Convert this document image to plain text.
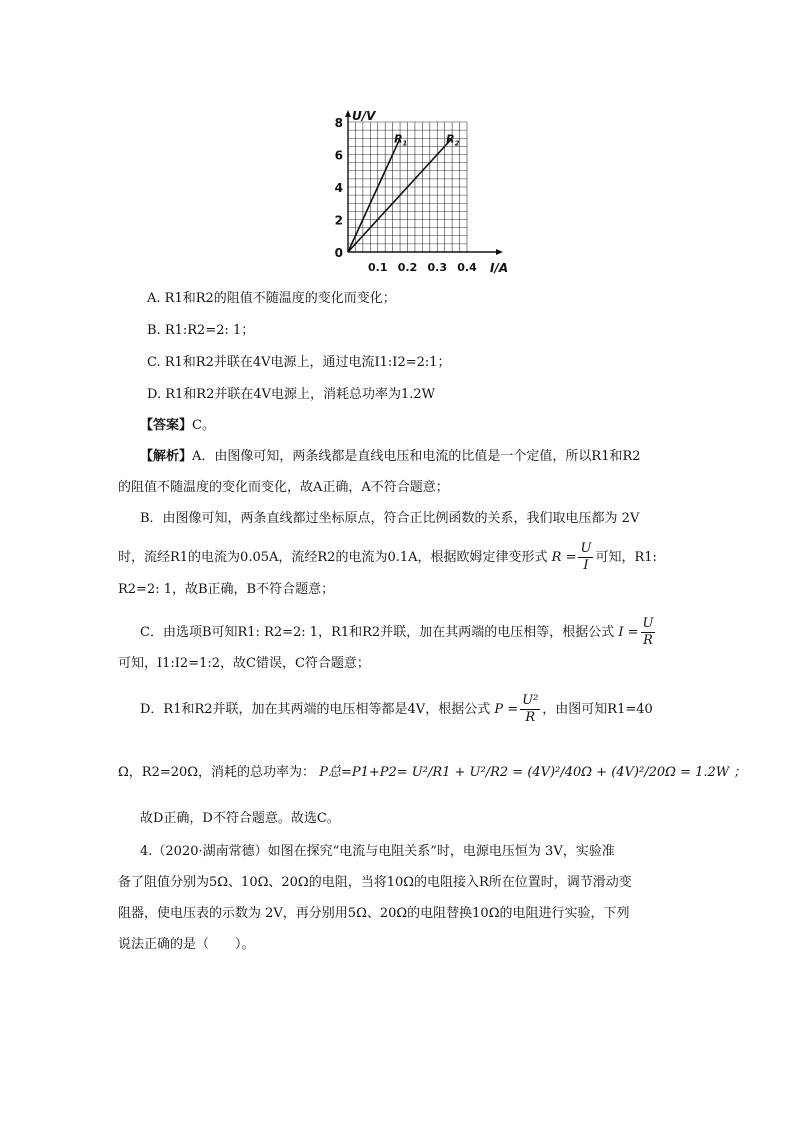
$R_1$	$R_2$
0
2
4
6
8
0.1 0.2 0.3 0.4
U/V
I/A
A. R1和R2的阻值不随温度的变化而变化；
B. R1:R2=2: 1；
C. R1和R2并联在4V电源上，通过电流I1:I2=2:1；
D. R1和R2并联在4V电源上，消耗总功率为1.2W
【答案】C。
【解析】A．由图像可知，两条线都是直线电压和电流的比值是一个定值，所以R1和R2
的阻值不随温度的变化而变化，故A正确，A不符合题意；
B．由图像可知，两条直线都过坐标原点，符合正比例函数的关系，我们取电压都为 2V
时，流经R1的电流为0.05A，流经R2的电流为0.1A，根据欧姆定律变形式 $R = \frac{U}{I}$ 可知，R1:
R2=2: 1，故B正确，B不符合题意；
C．由选项B可知R1: R2=2: 1，R1和R2并联，加在其两端的电压相等，根据公式 $I = \frac{U}{R}$
可知，I1:I2=1:2，故C错误，C符合题意；
D．R1和R2并联，加在其两端的电压相等都是4V，根据公式 $P = \frac{\text{U²}}{R}$ ，由图可知R1=40
Ω，R2=20Ω，消耗的总功率为： P总=P1+P2= U²/R1 + U²/R2 = (4V)²/40Ω + (4V)²/20Ω = 1.2W ；
故D正确，D不符合题意。故选C。
4.（2020·湖南常德）如图在探究“电流与电阻关系”时，电源电压恒为 3V，实验准
备了阻值分别为5Ω、10Ω、20Ω的电阻，当将10Ω的电阻接入R所在位置时，调节滑动变
阻器，使电压表的示数为 2V，再分别用5Ω、20Ω的电阻替换10Ω的电阻进行实验，下列
说法正确的是（　　）。
